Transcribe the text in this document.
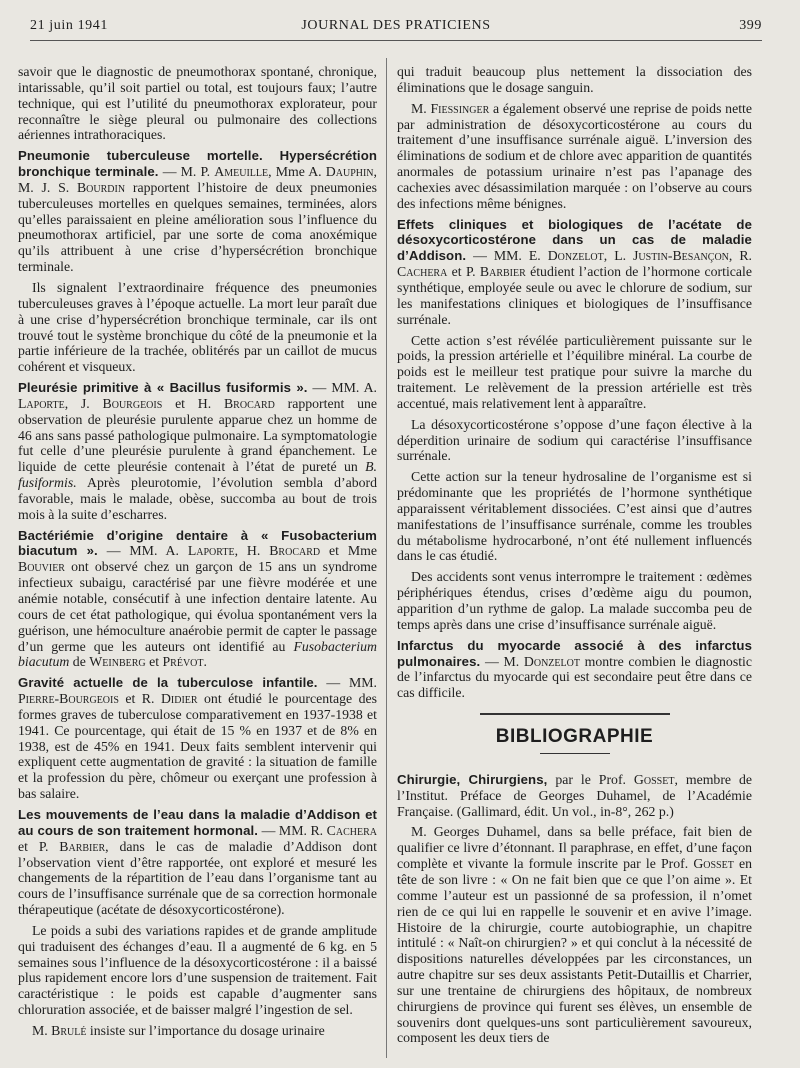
21 juin 1941	JOURNAL DES PRATICIENS	399

savoir que le diagnostic de pneumothorax spontané, chronique, intarissable, qu’il soit partiel ou total, est toujours faux; l’autre technique, qui est l’utilité du pneumothorax explorateur, pour reconnaître le siège pleural ou pulmonaire des collections aériennes intrathoraciques.

Pneumonie tuberculeuse mortelle. Hypersécrétion bronchique terminale. — M. P. Ameuille, Mme A. Dauphin, M. J. S. Bourdin rapportent l’histoire de deux pneumonies tuberculeuses mortelles en quelques semaines, terminées, alors qu’elles paraissaient en pleine amélioration sous l’influence du pneumothorax artificiel, par une sorte de coma anoxémique qu’ils attribuent à une crise d’hypersécrétion bronchique terminale.

Ils signalent l’extraordinaire fréquence des pneumonies tuberculeuses graves à l’époque actuelle. La mort leur paraît due à une crise d’hypersécrétion bronchique terminale, car ils ont trouvé tout le système bronchique du côté de la pneumonie et la partie inférieure de la trachée, oblitérés par un caillot de mucus cohérent et visqueux.

Pleurésie primitive à « Bacillus fusiformis ». — MM. A. Laporte, J. Bourgeois et H. Brocard rapportent une observation de pleurésie purulente apparue chez un homme de 46 ans sans passé pathologique pulmonaire. La symptomatologie fut celle d’une pleurésie purulente à grand épanchement. Le liquide de cette pleurésie contenait à l’état de pureté un B. fusiformis. Après pleurotomie, l’évolution sembla d’abord favorable, mais le malade, obèse, succomba au bout de trois mois à la suite d’escharres.

Bactériémie d’origine dentaire à « Fusobacterium biacutum ». — MM. A. Laporte, H. Brocard et Mme Bouvier ont observé chez un garçon de 15 ans un syndrome infectieux subaigu, caractérisé par une fièvre modérée et une anémie notable, consécutif à une infection dentaire latente. Au cours de cet état pathologique, qui évolua spontanément vers la guérison, une hémoculture anaérobie permit de capter le passage d’un germe que les auteurs ont identifié au Fusobacterium biacutum de Weinberg et Prévot.

Gravité actuelle de la tuberculose infantile. — MM. Pierre-Bourgeois et R. Didier ont étudié le pourcentage des formes graves de tuberculose comparativement en 1937-1938 et 1941. Ce pourcentage, qui était de 15 % en 1937 et de 8% en 1938, est de 45% en 1941. Deux faits semblent intervenir qui expliquent cette augmentation de gravité : la situation de famille et la profession du père, chômeur ou exerçant une profession à bas salaire.

Les mouvements de l’eau dans la maladie d’Addison et au cours de son traitement hormonal. — MM. R. Cachera et P. Barbier, dans le cas de maladie d’Addison dont l’observation vient d’être rapportée, ont exploré et mesuré les changements de la répartition de l’eau dans l’organisme tant au cours de l’insuffisance surrénale que de sa correction hormonale thérapeutique (acétate de désoxycorticostérone).

Le poids a subi des variations rapides et de grande amplitude qui traduisent des échanges d’eau. Il a augmenté de 6 kg. en 5 semaines sous l’influence de la désoxycorticostérone : il a baissé plus rapidement encore lors d’une suspension de traitement. Fait caractéristique : le poids est capable d’augmenter sans chloruration associée, et de baisser malgré l’ingestion de sel.

M. Brulé insiste sur l’importance du dosage urinaire

qui traduit beaucoup plus nettement la dissociation des éliminations que le dosage sanguin.

M. Fiessinger a également observé une reprise de poids nette par administration de désoxycorticostérone au cours du traitement d’une insuffisance surrénale aiguë. L’inversion des éliminations de sodium et de chlore avec apparition de quantités anormales de potassium urinaire n’est pas l’apanage des cachexies avec désassimilation marquée : on l’observe au cours des infections même bénignes.

Effets cliniques et biologiques de l’acétate de désoxycorticostérone dans un cas de maladie d’Addison. — MM. E. Donzelot, L. Justin-Besançon, R. Cachera et P. Barbier étudient l’action de l’hormone corticale synthétique, employée seule ou avec le chlorure de sodium, sur les manifestations cliniques et biologiques de l’insuffisance surrénale.

Cette action s’est révélée particulièrement puissante sur le poids, la pression artérielle et l’équilibre minéral. La courbe de poids est le meilleur test pratique pour suivre la marche du traitement. Le relèvement de la pression artérielle est très accentué, mais relativement lent à apparaître.

La désoxycorticostérone s’oppose d’une façon élective à la déperdition urinaire de sodium qui caractérise l’insuffisance surrénale.

Cette action sur la teneur hydrosaline de l’organisme est si prédominante que les propriétés de l’hormone synthétique apparaissent véritablement dissociées. C’est ainsi que d’autres manifestations de l’insuffisance surrénale, comme les troubles du métabolisme hydrocarboné, n’ont été nullement influencés dans le cas étudié.

Des accidents sont venus interrompre le traitement : œdèmes périphériques étendus, crises d’œdème aigu du poumon, apparition d’un rythme de galop. La malade succomba peu de temps après dans une crise d’insuffisance surrénale aiguë.

Infarctus du myocarde associé à des infarctus pulmonaires. — M. Donzelot montre combien le diagnostic de l’infarctus du myocarde qui est secondaire peut être dans ce cas difficile.

BIBLIOGRAPHIE

Chirurgie, Chirurgiens, par le Prof. Gosset, membre de l’Institut. Préface de Georges Duhamel, de l’Académie Française. (Gallimard, édit. Un vol., in-8°, 262 p.)

M. Georges Duhamel, dans sa belle préface, fait bien de qualifier ce livre d’étonnant. Il paraphrase, en effet, d’une façon complète et vivante la formule inscrite par le Prof. Gosset en tête de son livre : « On ne fait bien que ce que l’on aime ». Et comme l’auteur est un passionné de sa profession, il n’omet rien de ce qui lui en rappelle le souvenir et en avive l’image. Histoire de la chirurgie, courte autobiographie, un chapitre intitulé : « Naît-on chirurgien? » et qui conclut à la nécessité de dispositions naturelles développées par les circonstances, un autre chapitre sur ses deux assistants Petit-Dutaillis et Charrier, sur une trentaine de chirurgiens des hôpitaux, de nombreux chirurgiens de province qui furent ses élèves, un ensemble de souvenirs dont quelques-uns sont particulièrement savoureux, composent les deux tiers de
